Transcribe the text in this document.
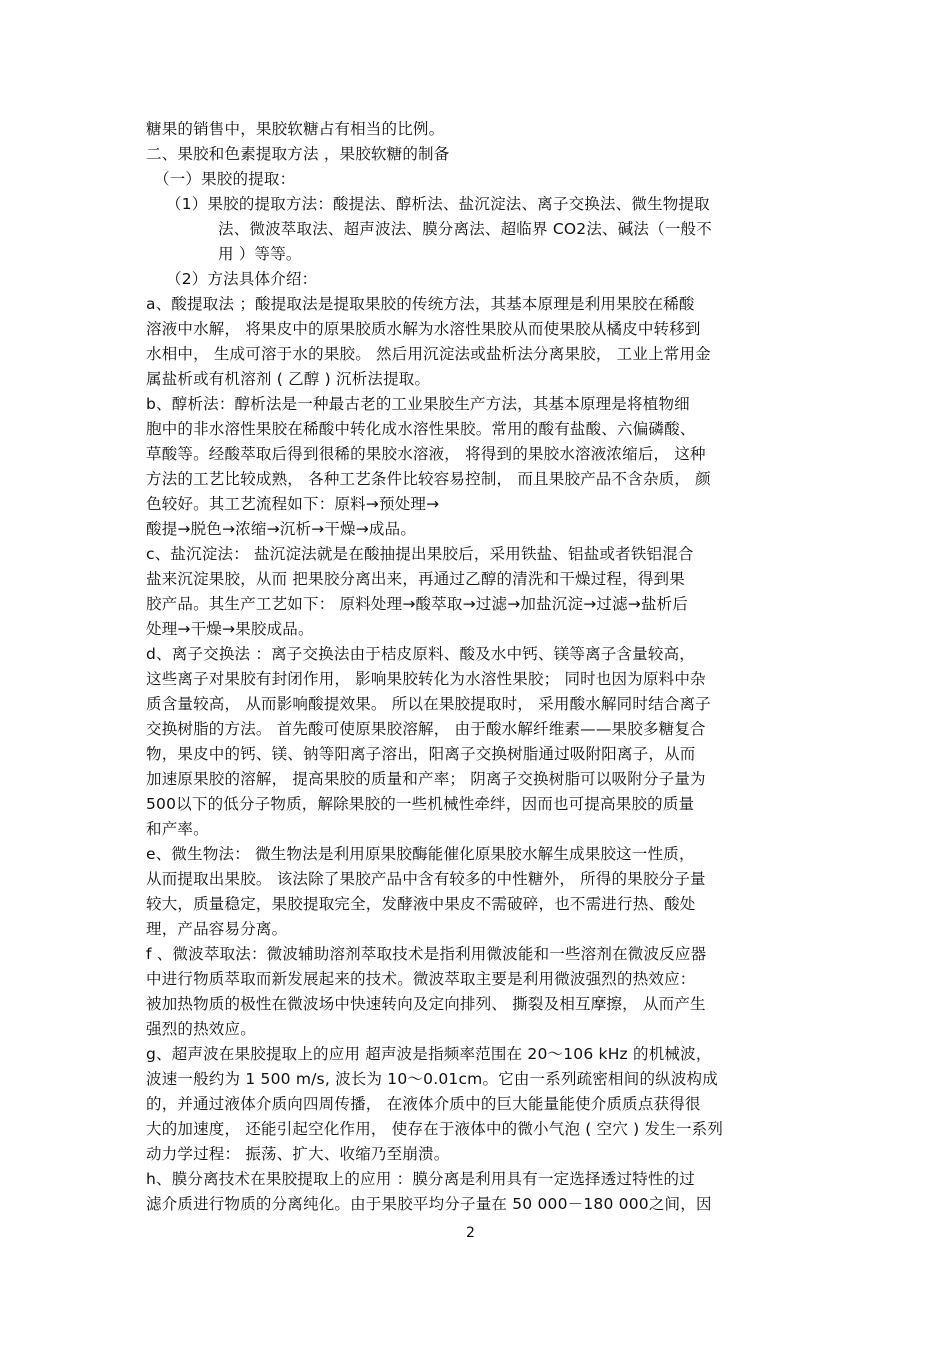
糖果的销售中，果胶软糖占有相当的比例。
二、果胶和色素提取方法 ，果胶软糖的制备
（一）果胶的提取：
（1）果胶的提取方法：酸提法、醇析法、盐沉淀法、离子交换法、微生物提取
法、微波萃取法、超声波法、膜分离法、超临界 CO2法、碱法（一般不
用 ）等等。
（2）方法具体介绍：
a、酸提取法 ；酸提取法是提取果胶的传统方法，其基本原理是利用果胶在稀酸
溶液中水解， 将果皮中的原果胶质水解为水溶性果胶从而使果胶从橘皮中转移到
水相中， 生成可溶于水的果胶。 然后用沉淀法或盐析法分离果胶， 工业上常用金
属盐析或有机溶剂 ( 乙醇 ) 沉析法提取。
b、醇析法：醇析法是一种最古老的工业果胶生产方法，其基本原理是将植物细
胞中的非水溶性果胶在稀酸中转化成水溶性果胶。常用的酸有盐酸、六偏磷酸、
草酸等。经酸萃取后得到很稀的果胶水溶液， 将得到的果胶水溶液浓缩后， 这种
方法的工艺比较成熟， 各种工艺条件比较容易控制， 而且果胶产品不含杂质， 颜
色较好。其工艺流程如下：原料→预处理→
酸提→脱色→浓缩→沉析→干燥→成品。
c、盐沉淀法： 盐沉淀法就是在酸抽提出果胶后，采用铁盐、铝盐或者铁铝混合
盐来沉淀果胶，从而 把果胶分离出来，再通过乙醇的清洗和干燥过程，得到果
胶产品。其生产工艺如下： 原料处理→酸萃取→过滤→加盐沉淀→过滤→盐析后
处理→干燥→果胶成品。
d、离子交换法 ：离子交换法由于桔皮原料、酸及水中钙、镁等离子含量较高，
这些离子对果胶有封闭作用， 影响果胶转化为水溶性果胶； 同时也因为原料中杂
质含量较高， 从而影响酸提效果。 所以在果胶提取时， 采用酸水解同时结合离子
交换树脂的方法。 首先酸可使原果胶溶解， 由于酸水解纤维素——果胶多糖复合
物，果皮中的钙、镁、钠等阳离子溶出，阳离子交换树脂通过吸附阳离子，从而
加速原果胶的溶解， 提高果胶的质量和产率； 阴离子交换树脂可以吸附分子量为
500以下的低分子物质，解除果胶的一些机械性牵绊，因而也可提高果胶的质量
和产率。
e、微生物法： 微生物法是利用原果胶酶能催化原果胶水解生成果胶这一性质，
从而提取出果胶。 该法除了果胶产品中含有较多的中性糖外， 所得的果胶分子量
较大，质量稳定，果胶提取完全，发酵液中果皮不需破碎，也不需进行热、酸处
理，产品容易分离。
f 、微波萃取法：微波辅助溶剂萃取技术是指利用微波能和一些溶剂在微波反应器
中进行物质萃取而新发展起来的技术。微波萃取主要是利用微波强烈的热效应：
被加热物质的极性在微波场中快速转向及定向排列、 撕裂及相互摩擦， 从而产生
强烈的热效应。
g、超声波在果胶提取上的应用 超声波是指频率范围在 20～106 kHz 的机械波，
波速一般约为 1 500 m/s, 波长为 10～0.01cm。它由一系列疏密相间的纵波构成
的，并通过液体介质向四周传播， 在液体介质中的巨大能量能使介质质点获得很
大的加速度， 还能引起空化作用， 使存在于液体中的微小气泡 ( 空穴 ) 发生一系列
动力学过程： 振荡、扩大、收缩乃至崩溃。
h、膜分离技术在果胶提取上的应用 ：膜分离是利用具有一定选择透过特性的过
滤介质进行物质的分离纯化。由于果胶平均分子量在 50 000－180 000之间，因
2
